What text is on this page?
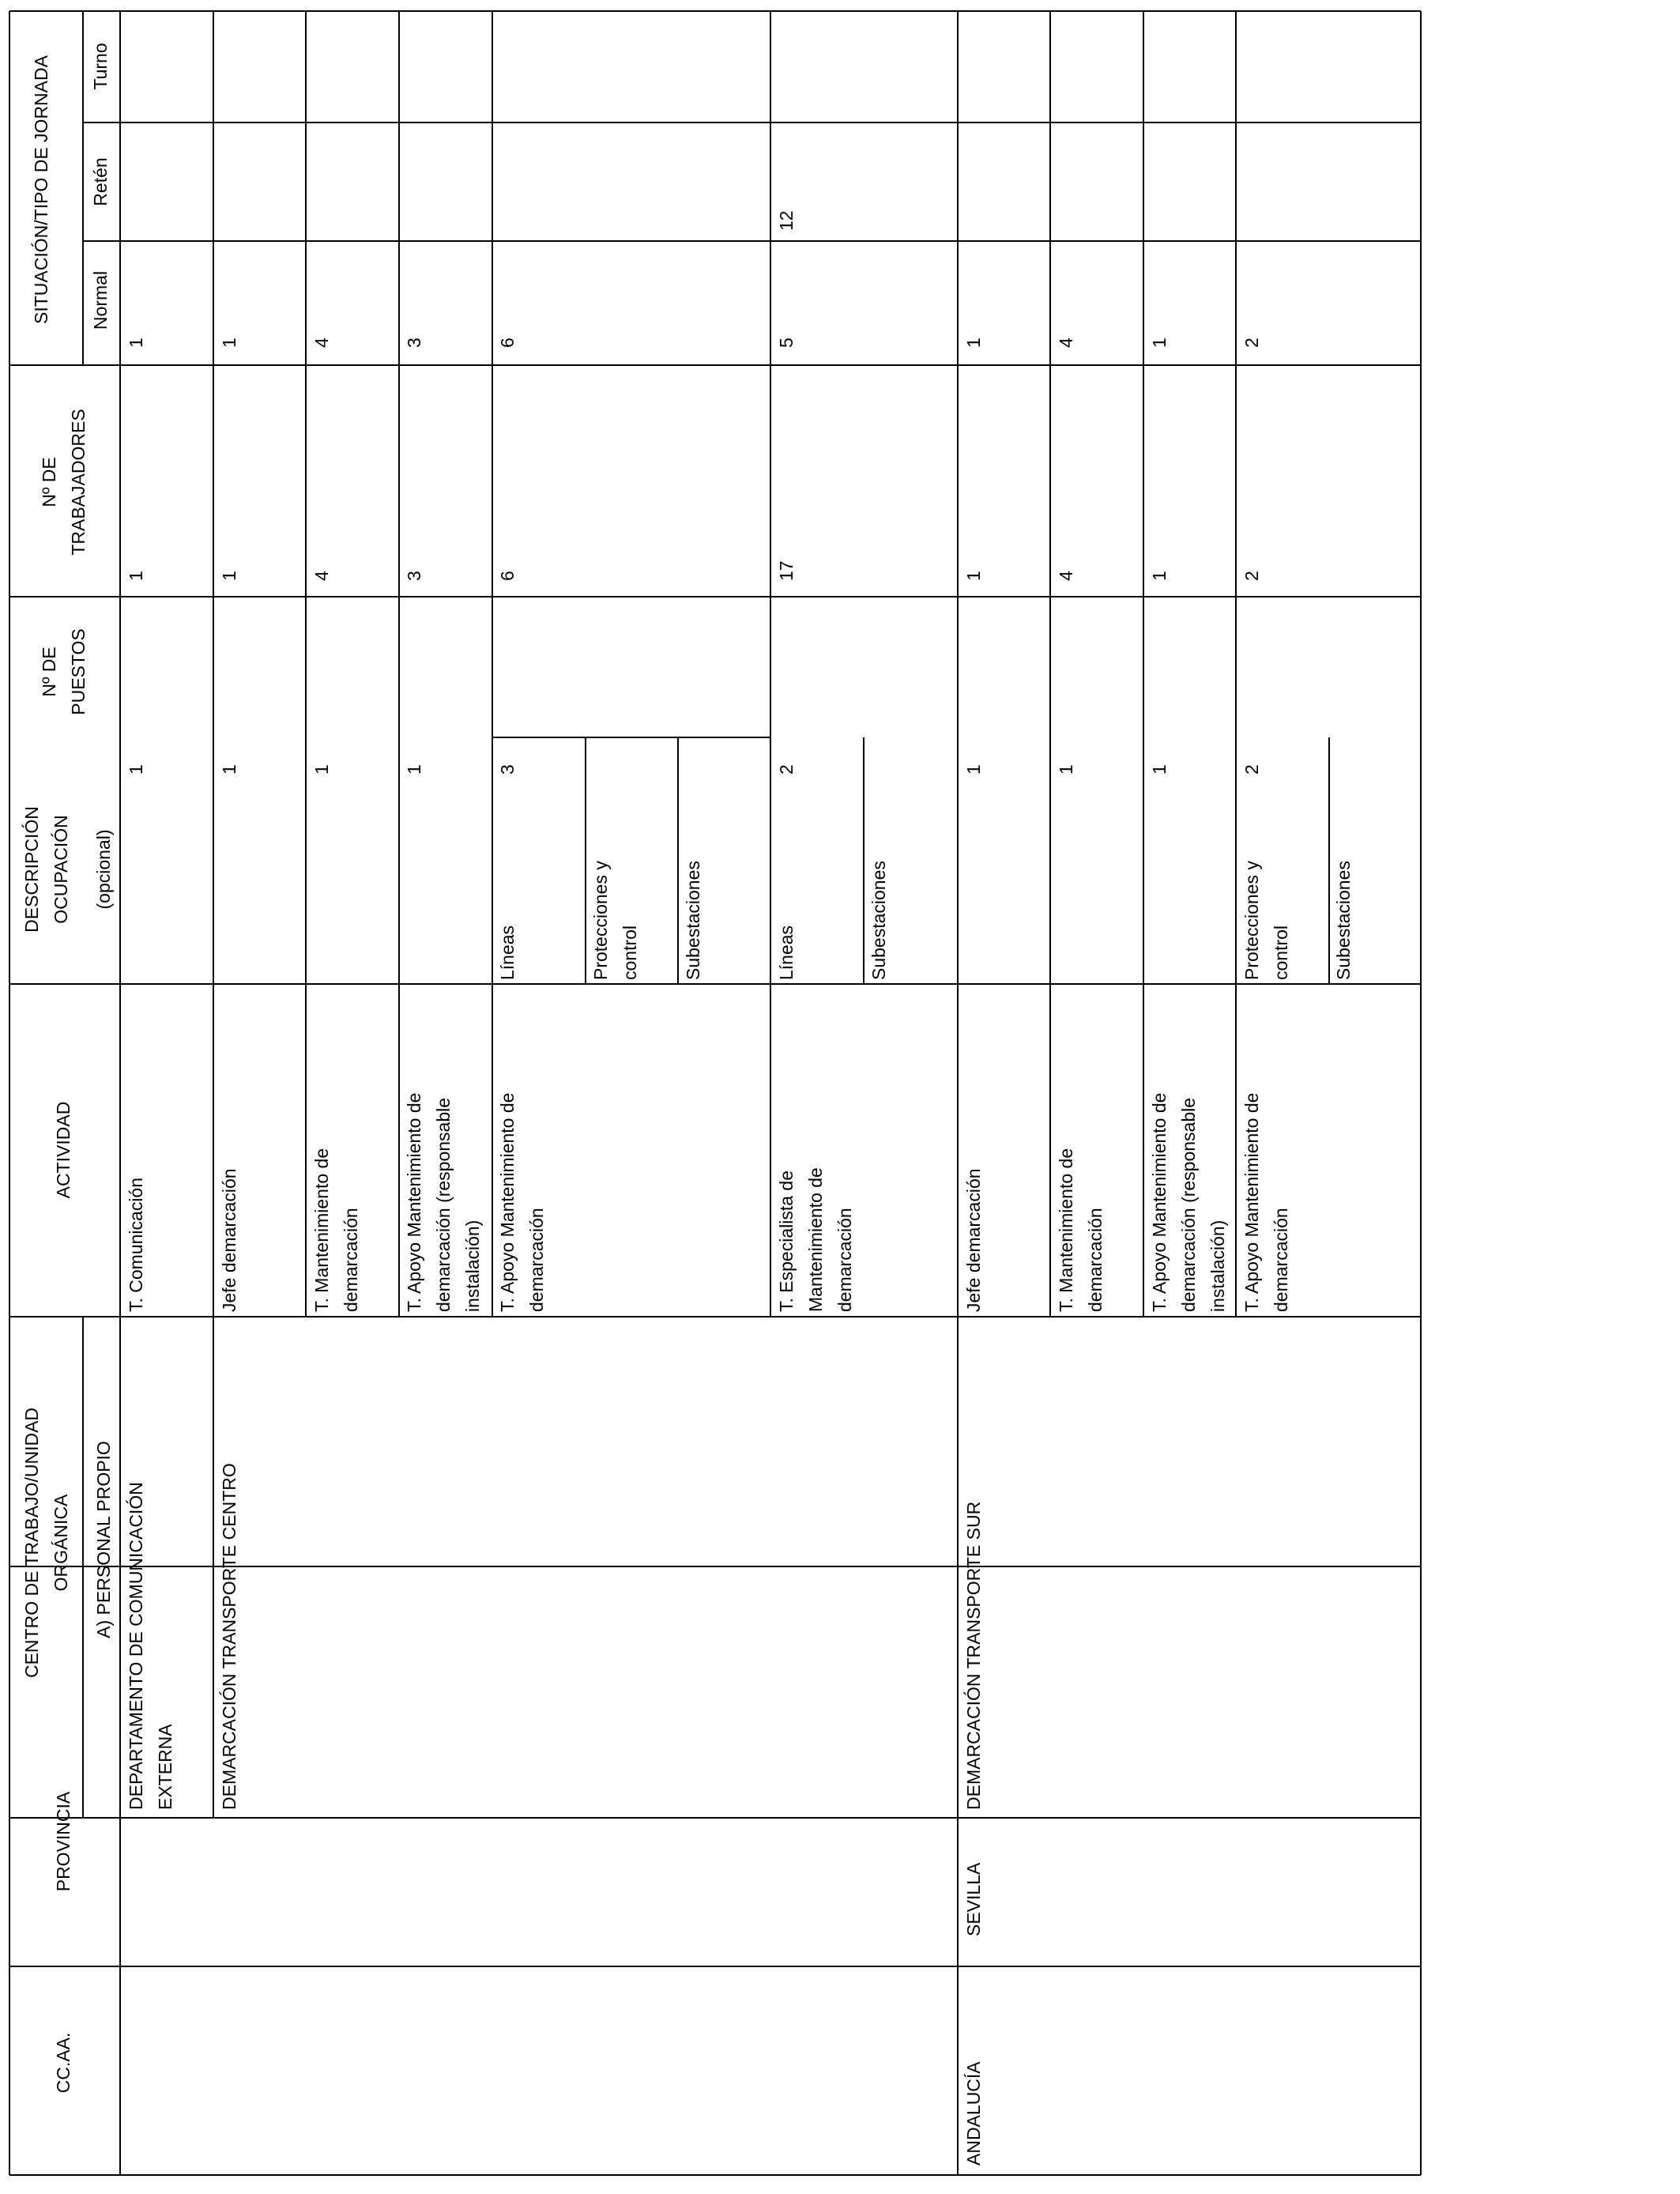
CC.AA.
PROVINCIA
CENTRO DE TRABAJO/UNIDAD ORGÁNICA A) PERSONAL PROPIO
ACTIVIDAD
DESCRIPCIÓN OCUPACIÓN (opcional)
Nº DE PUESTOS
Nº DE TRABAJADORES
SITUACIÓN/TIPO DE JORNADA Normal
Retén
Turno
DEPARTAMENTO DE COMUNICACIÓN EXTERNA
T. Comunicación
1
1
1
DEMARCACIÓN TRANSPORTE CENTRO
Jefe demarcación
1
1
1
T. Mantenimiento de demarcación
1
4
4
T. Apoyo Mantenimiento de demarcación (responsable instalación)
1
3
3
T. Apoyo Mantenimiento de demarcación
Líneas
3
6
6
T. Especialista de Mantenimiento de demarcación
Líneas
2
17
5
12
ANDALUCÍA
SEVILLA
DEMARCACIÓN TRANSPORTE SUR
Jefe demarcación
1
1
1
T. Mantenimiento de demarcación
1
4
4
T. Apoyo Mantenimiento de demarcación (responsable instalación)
1
1
1
T. Apoyo Mantenimiento de demarcación
Protecciones y control
2
2
2
Protecciones y control Subestaciones	Subestaciones	Subestaciones
